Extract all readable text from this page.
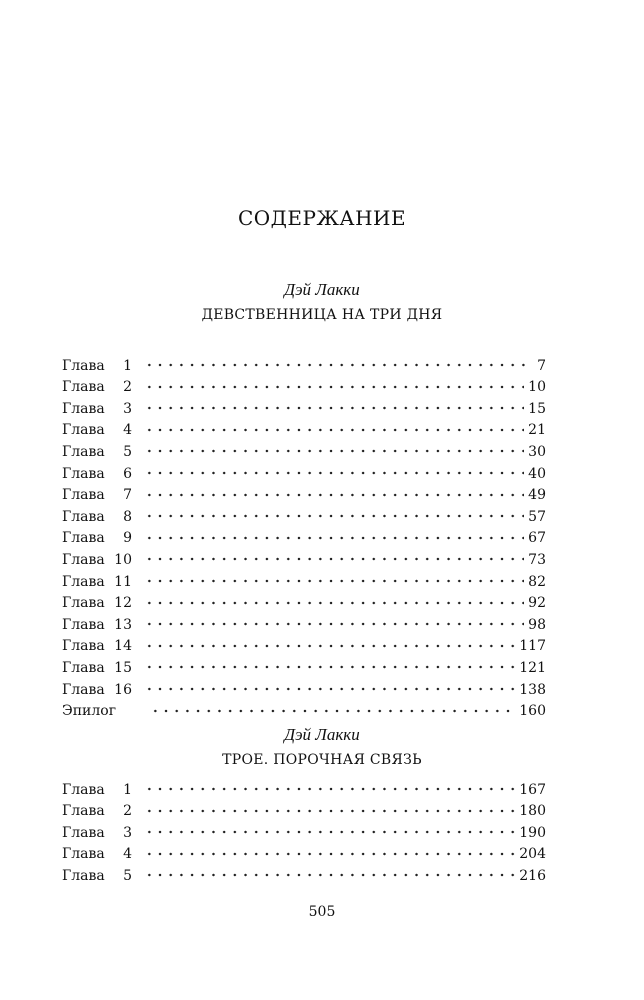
СОДЕРЖАНИЕ
Дэй Лакки
ДЕВСТВЕННИЦА НА ТРИ ДНЯ
Глава	1	7
Глава	2	10
Глава	3	15
Глава	4	21
Глава	5	30
Глава	6	40
Глава	7	49
Глава	8	57
Глава	9	67
Глава 10	73
Глава 11	82
Глава 12	92
Глава 13	98
Глава 14	117
Глава 15	121
Глава 16	138
Эпилог	160
Дэй Лакки
ТРОЕ. ПОРОЧНАЯ СВЯЗЬ
Глава	1	167
Глава	2	180
Глава	3	190
Глава	4	204
Глава	5	216
505
